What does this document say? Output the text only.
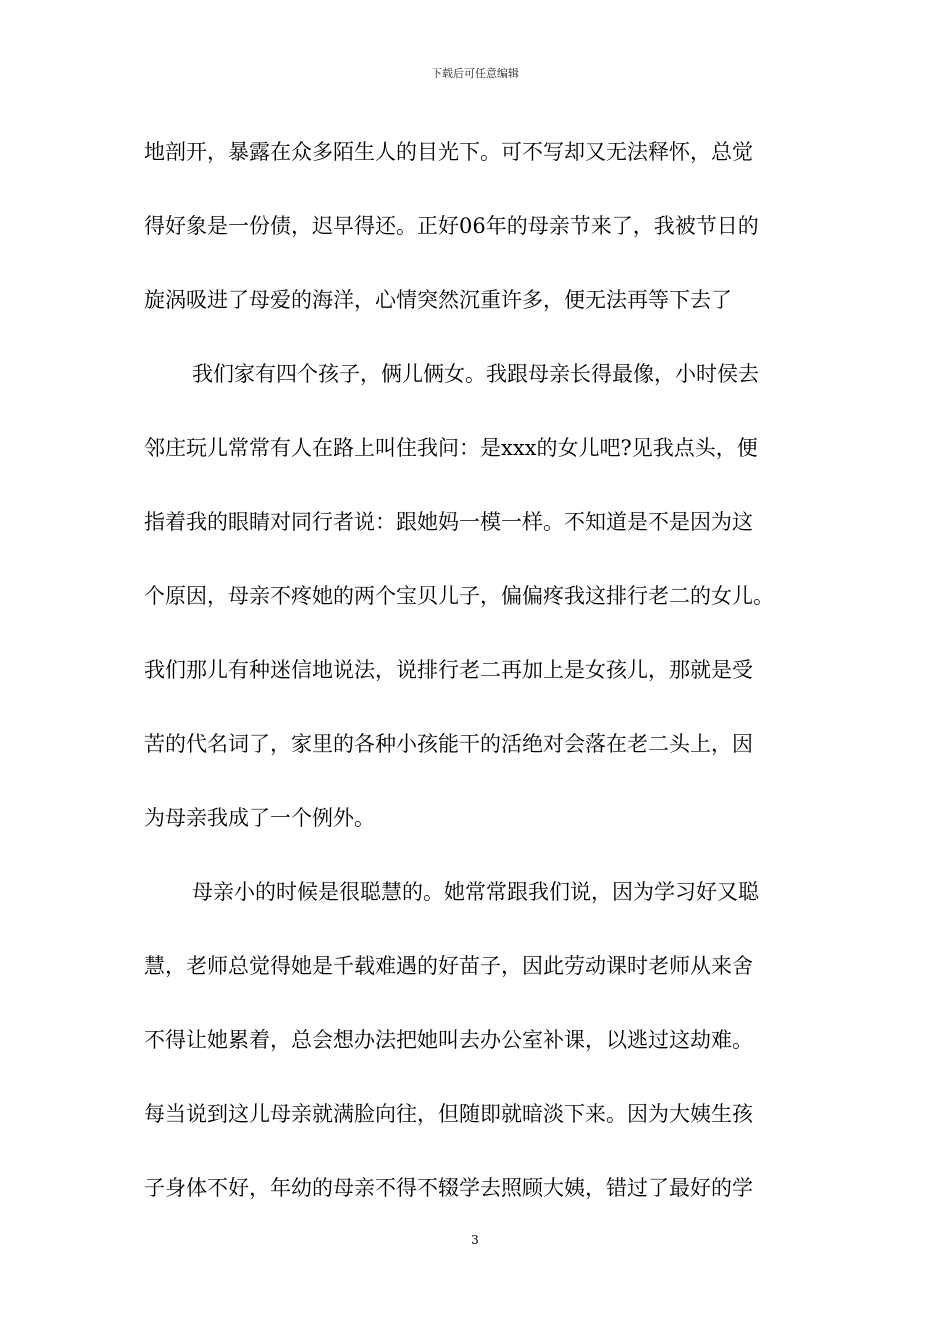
下载后可任意编辑
地剖开，暴露在众多陌生人的目光下。可不写却又无法释怀，总觉
得好象是一份债，迟早得还。正好06年的母亲节来了，我被节日的
旋涡吸进了母爱的海洋，心情突然沉重许多，便无法再等下去了
我们家有四个孩子，俩儿俩女。我跟母亲长得最像，小时侯去
邻庄玩儿常常有人在路上叫住我问：是xxx的女儿吧?见我点头，便
指着我的眼睛对同行者说：跟她妈一模一样。不知道是不是因为这
个原因，母亲不疼她的两个宝贝儿子，偏偏疼我这排行老二的女儿。
我们那儿有种迷信地说法，说排行老二再加上是女孩儿，那就是受
苦的代名词了，家里的各种小孩能干的活绝对会落在老二头上，因
为母亲我成了一个例外。
母亲小的时候是很聪慧的。她常常跟我们说，因为学习好又聪
慧，老师总觉得她是千载难遇的好苗子，因此劳动课时老师从来舍
不得让她累着，总会想办法把她叫去办公室补课，以逃过这劫难。
每当说到这儿母亲就满脸向往，但随即就暗淡下来。因为大姨生孩
子身体不好，年幼的母亲不得不辍学去照顾大姨，错过了最好的学
3
